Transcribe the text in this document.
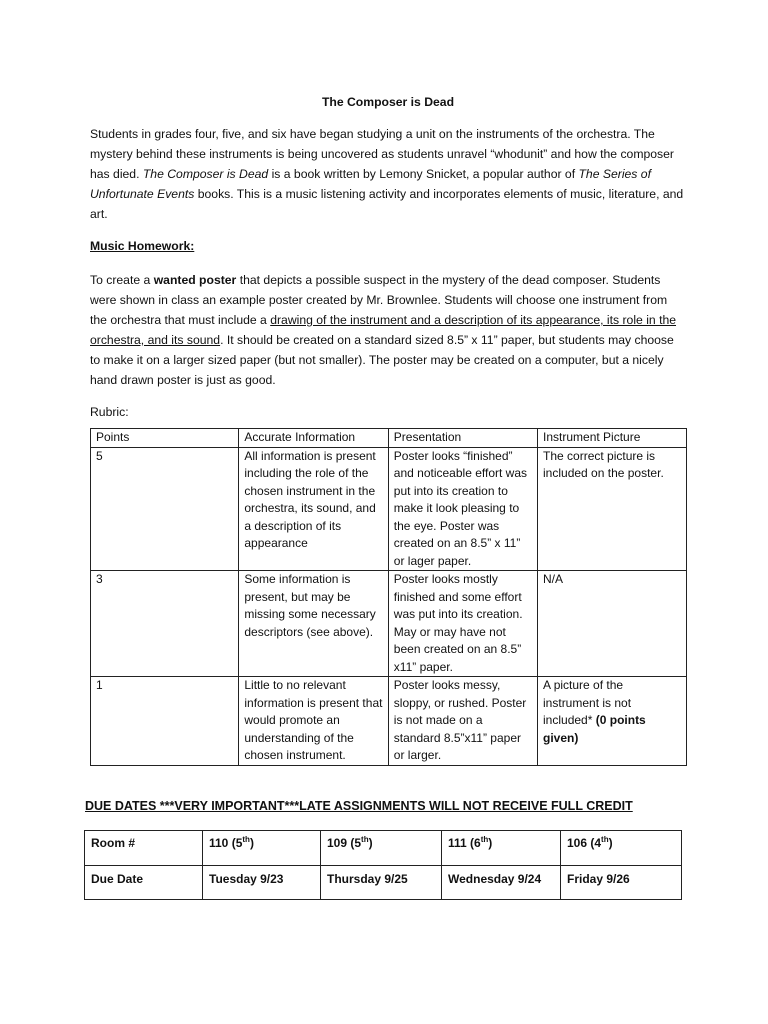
The Composer is Dead

Students in grades four, five, and six have began studying a unit on the instruments of the orchestra. The mystery behind these instruments is being uncovered as students unravel “whodunit” and how the composer has died. The Composer is Dead is a book written by Lemony Snicket, a popular author of The Series of Unfortunate Events books. This is a music listening activity and incorporates elements of music, literature, and art.

Music Homework:

To create a wanted poster that depicts a possible suspect in the mystery of the dead composer. Students were shown in class an example poster created by Mr. Brownlee. Students will choose one instrument from the orchestra that must include a drawing of the instrument and a description of its appearance, its role in the orchestra, and its sound. It should be created on a standard sized 8.5” x 11” paper, but students may choose to make it on a larger sized paper (but not smaller). The poster may be created on a computer, but a nicely hand drawn poster is just as good.

Rubric:

Points	Accurate Information	Presentation	Instrument Picture
5	All information is present including the role of the chosen instrument in the orchestra, its sound, and a description of its appearance	Poster looks “finished” and noticeable effort was put into its creation to make it look pleasing to the eye. Poster was created on an 8.5” x 11” or lager paper.	The correct picture is included on the poster.
3	Some information is present, but may be missing some necessary descriptors (see above).	Poster looks mostly finished and some effort was put into its creation. May or may have not been created on an 8.5” x11” paper.	N/A
1	Little to no relevant information is present that would promote an understanding of the chosen instrument.	Poster looks messy, sloppy, or rushed. Poster is not made on a standard 8.5”x11” paper or larger.	A picture of the instrument is not included* (0 points given)

DUE DATES ***VERY IMPORTANT***LATE ASSIGNMENTS WILL NOT RECEIVE FULL CREDIT

Room #	110 (5th)	109 (5th)	111 (6th)	106 (4th)
Due Date	Tuesday 9/23	Thursday 9/25	Wednesday 9/24	Friday 9/26
